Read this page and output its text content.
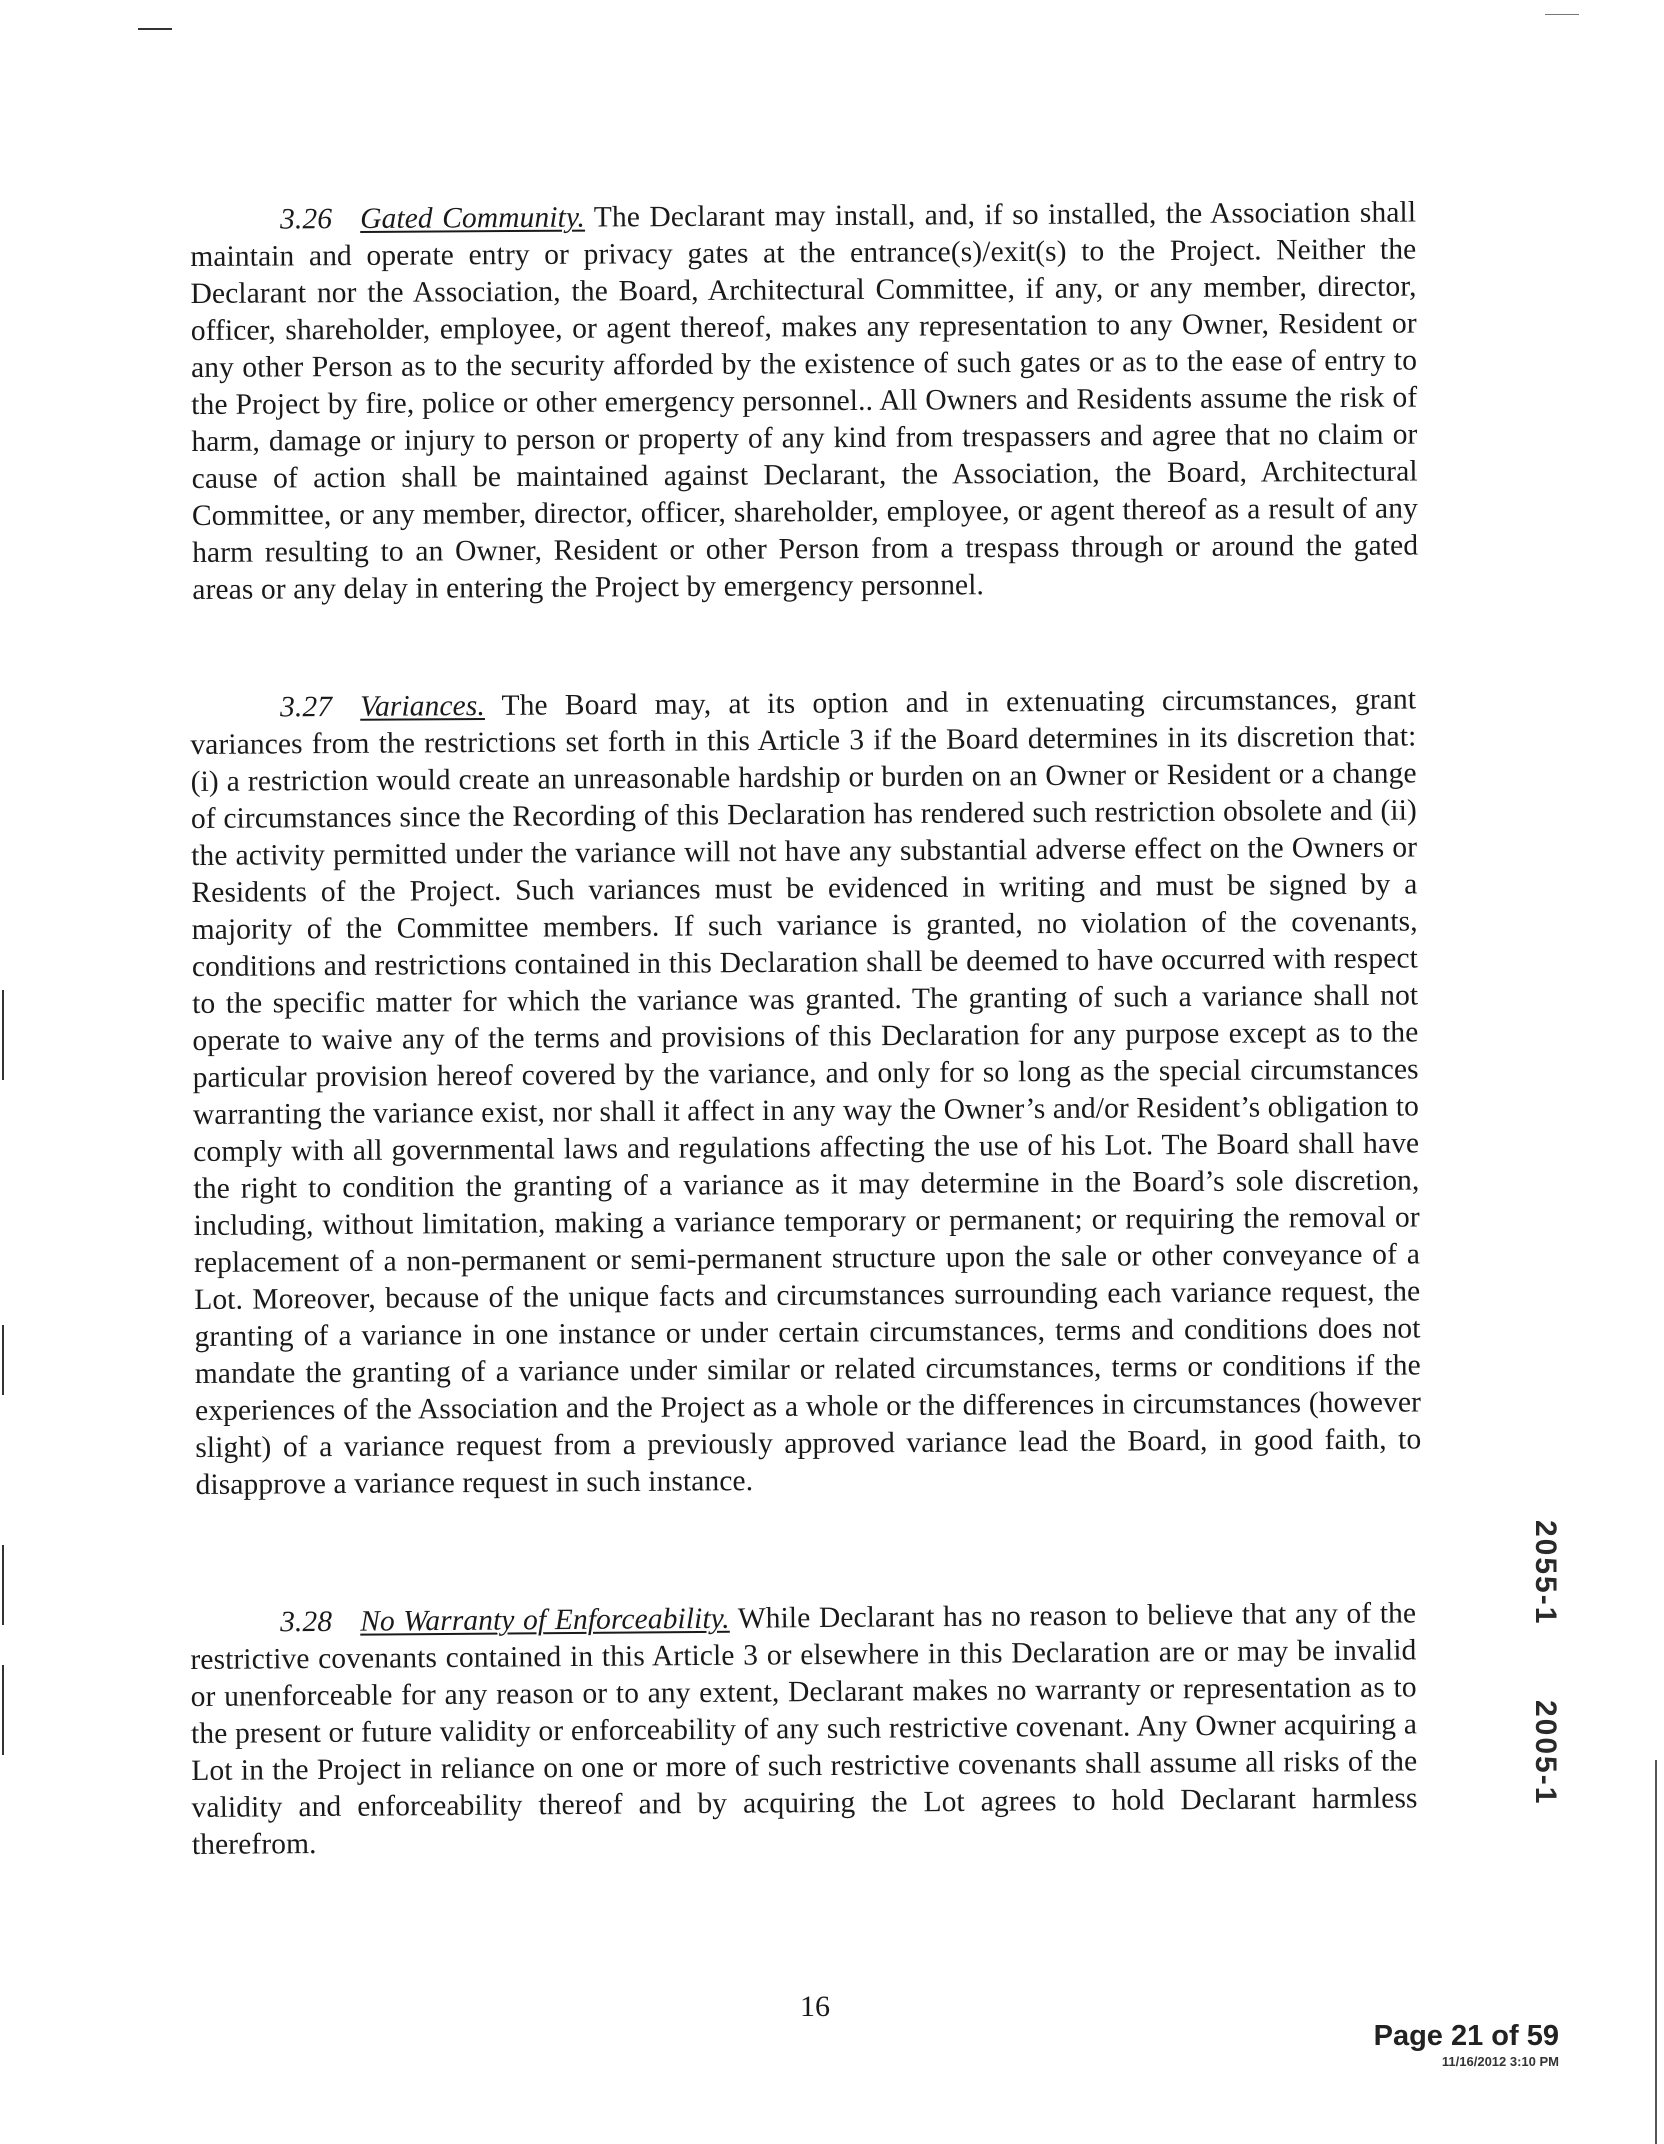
3.26 Gated Community. The Declarant may install, and, if so installed, the Association shall maintain and operate entry or privacy gates at the entrance(s)/exit(s) to the Project. Neither the Declarant nor the Association, the Board, Architectural Committee, if any, or any member, director, officer, shareholder, employee, or agent thereof, makes any representation to any Owner, Resident or any other Person as to the security afforded by the existence of such gates or as to the ease of entry to the Project by fire, police or other emergency personnel.. All Owners and Residents assume the risk of harm, damage or injury to person or property of any kind from trespassers and agree that no claim or cause of action shall be maintained against Declarant, the Association, the Board, Architectural Committee, or any member, director, officer, shareholder, employee, or agent thereof as a result of any harm resulting to an Owner, Resident or other Person from a trespass through or around the gated areas or any delay in entering the Project by emergency personnel.
3.27 Variances. The Board may, at its option and in extenuating circumstances, grant variances from the restrictions set forth in this Article 3 if the Board determines in its discretion that: (i) a restriction would create an unreasonable hardship or burden on an Owner or Resident or a change of circumstances since the Recording of this Declaration has rendered such restriction obsolete and (ii) the activity permitted under the variance will not have any substantial adverse effect on the Owners or Residents of the Project. Such variances must be evidenced in writing and must be signed by a majority of the Committee members. If such variance is granted, no violation of the covenants, conditions and restrictions contained in this Declaration shall be deemed to have occurred with respect to the specific matter for which the variance was granted. The granting of such a variance shall not operate to waive any of the terms and provisions of this Declaration for any purpose except as to the particular provision hereof covered by the variance, and only for so long as the special circumstances warranting the variance exist, nor shall it affect in any way the Owner’s and/or Resident’s obligation to comply with all governmental laws and regulations affecting the use of his Lot. The Board shall have the right to condition the granting of a variance as it may determine in the Board’s sole discretion, including, without limitation, making a variance temporary or permanent; or requiring the removal or replacement of a non-permanent or semi-permanent structure upon the sale or other conveyance of a Lot. Moreover, because of the unique facts and circumstances surrounding each variance request, the granting of a variance in one instance or under certain circumstances, terms and conditions does not mandate the granting of a variance under similar or related circumstances, terms or conditions if the experiences of the Association and the Project as a whole or the differences in circumstances (however slight) of a variance request from a previously approved variance lead the Board, in good faith, to disapprove a variance request in such instance.
3.28 No Warranty of Enforceability. While Declarant has no reason to believe that any of the restrictive covenants contained in this Article 3 or elsewhere in this Declaration are or may be invalid or unenforceable for any reason or to any extent, Declarant makes no warranty or representation as to the present or future validity or enforceability of any such restrictive covenant. Any Owner acquiring a Lot in the Project in reliance on one or more of such restrictive covenants shall assume all risks of the validity and enforceability thereof and by acquiring the Lot agrees to hold Declarant harmless therefrom.
2055-1
2005-1
16
Page 21 of 59
11/16/2012 3:10 PM
